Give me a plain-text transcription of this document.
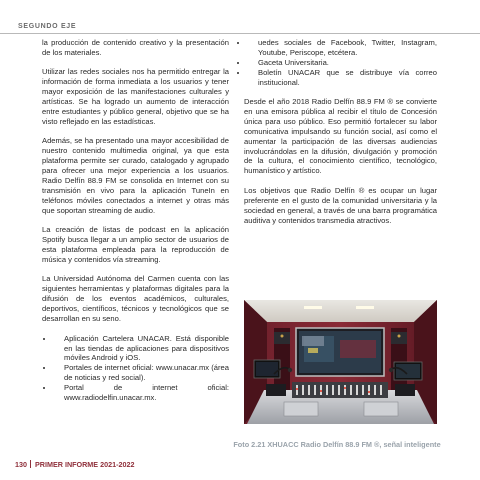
SEGUNDO EJE

la producción de contenido creativo y la presentación de los materiales.

Utilizar las redes sociales nos ha permitido entregar la información de forma inmediata a los usuarios y tener mayor exposición de las manifestaciones culturales y artísticas. Se ha logrado un aumento de interacción entre estudiantes y público general, objetivo que se ha visto reflejado en las estadísticas.

Además, se ha presentado una mayor accesibilidad de nuestro contenido multimedia original, ya que esta plataforma permite ser curado, catalogado y agrupado para ofrecer una mejor experiencia a los usuarios. Radio Delfín 88.9 FM se consolida en Internet con su transmisión en vivo para la aplicación TuneIn en teléfonos móviles conectados a internet y otras más que soportan streaming de audio.

La creación de listas de podcast en la aplicación Spotify busca llegar a un amplio sector de usuarios de esta plataforma empleada para la reproducción de música y contenidos vía streaming.

La Universidad Autónoma del Carmen cuenta con las siguientes herramientas y plataformas digitales para la difusión de los eventos académicos, culturales, deportivos, científicos, técnicos y tecnológicos que se desarrollan en su seno.

• Aplicación Cartelera UNACAR. Está disponible en las tiendas de aplicaciones para dispositivos móviles Android y iOS.
• Portales de internet oficial: www.unacar.mx (área de noticias y red social).
• Portal de internet oficial: www.radiodelfin.unacar.mx.
• uedes sociales de Facebook, Twitter, Instagram, Youtube, Periscope, etcétera.
• Gaceta Universitaria.
• Boletín UNACAR que se distribuye vía correo institucional.

Desde el año 2018 Radio Delfín 88.9 FM ® se convierte en una emisora pública al recibir el título de Concesión única para uso público. Eso permitió fortalecer su labor comunicativa impulsando su función social, así como el aumentar la participación de las diversas audiencias involucrándolas en la difusión, divulgación y promoción de la cultura, el conocimiento científico, tecnológico, humanístico y artístico.

Los objetivos que Radio Delfín ® es ocupar un lugar preferente en el gusto de la comunidad universitaria y la sociedad en general, a través de una barra programática auditiva y contenidos transmedia atractivos.

Foto 2.21 XHUACC Radio Delfín 88.9 FM ®, señal inteligente
130 PRIMER INFORME 2021-2022
